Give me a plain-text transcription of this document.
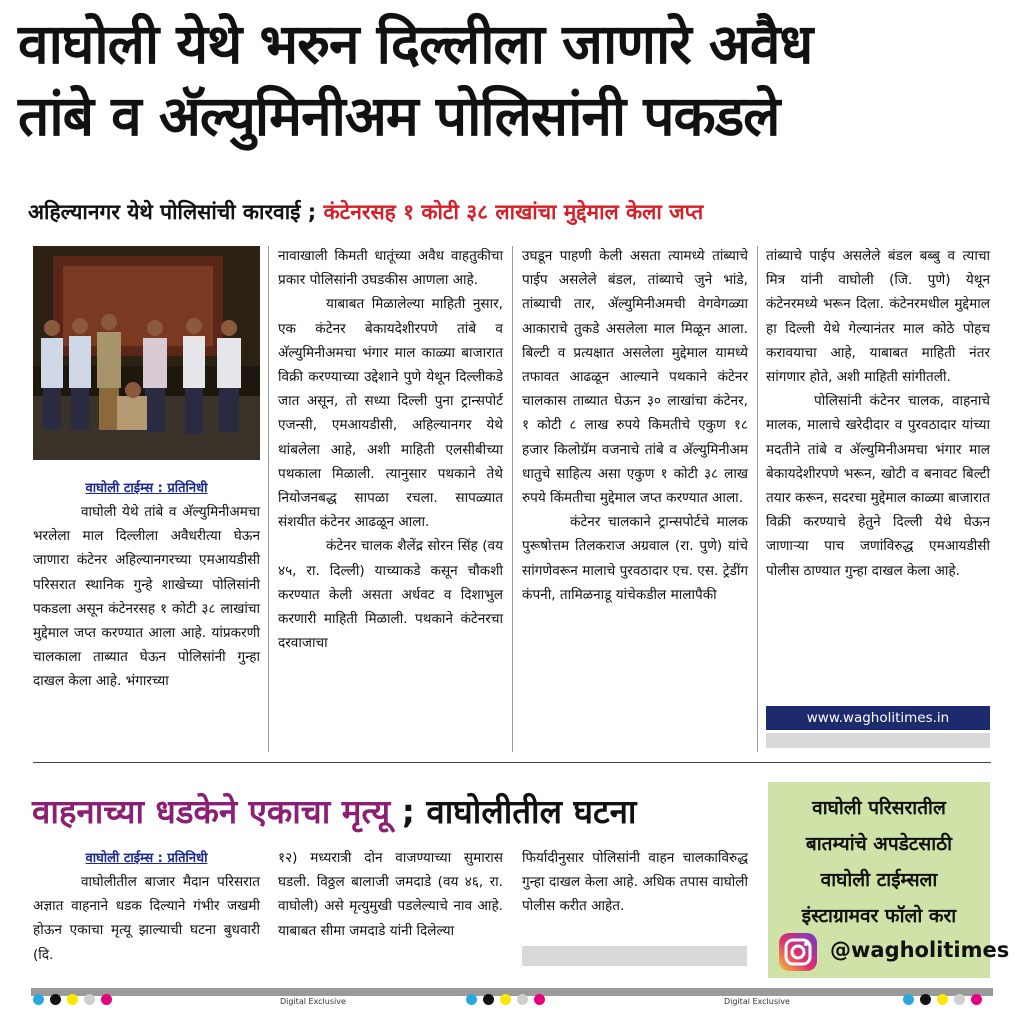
वाघोली येथे भरुन दिल्लीला जाणारे अवैध
तांबे व अ‍ॅल्युमिनीअम पोलिसांनी पकडले
अहिल्यानगर येथे पोलिसांची कारवाई ; कंटेनरसह १ कोटी ३८ लाखांचा मुद्देमाल केला जप्त
वाघोली टाईम्स : प्रतिनिधी

वाघोली येथे तांबे व अ‍ॅल्युमिनीअमचा भरलेला माल दिल्लीला अवैधरीत्या घेऊन जाणारा कंटेनर अहिल्यानगरच्या एमआयडीसी परिसरात स्थानिक गुन्हे शाखेच्या पोलिसांनी पकडला असून कंटेनरसह १ कोटी ३८ लाखांचा मुद्देमाल जप्त करण्यात आला आहे. यांप्रकरणी चालकाला ताब्यात घेऊन पोलिसांनी गुन्हा दाखल केला आहे. भंगारच्या

नावाखाली किमती धातूंच्या अवैध वाहतुकीचा प्रकार पोलिसांनी उघडकीस आणला आहे.

याबाबत मिळालेल्या माहिती नुसार, एक कंटेनर बेकायदेशीरपणे तांबे व अ‍ॅल्युमिनीअमचा भंगार माल काळ्या बाजारात विक्री करण्याच्या उद्देशाने पुणे येथून दिल्लीकडे जात असून, तो सध्या दिल्ली पुना ट्रान्सपोर्ट एजन्सी, एमआयडीसी, अहिल्यानगर येथे थांबलेला आहे, अशी माहिती एलसीबीच्या पथकाला मिळाली. त्यानुसार पथकाने तेथे नियोजनबद्ध सापळा रचला. सापळ्यात संशयीत कंटेनर आढळून आला.

कंटेनर चालक शैलेंद्र सोरन सिंह (वय ४५, रा. दिल्ली) याच्याकडे कसून चौकशी करण्यात केली असता अर्धवट व दिशाभुल करणारी माहिती मिळाली. पथकाने कंटेनरचा दरवाजाचा

उघडून पाहणी केली असता त्यामध्ये तांब्याचे पाईप असलेले बंडल, तांब्याचे जुने भांडे, तांब्याची तार, अ‍ॅल्युमिनीअमची वेगवेगळ्या आकाराचे तुकडे असलेला माल मिळून आला. बिल्टी व प्रत्यक्षात असलेला मुद्देमाल यामध्ये तफावत आढळून आल्याने पथकाने कंटेनर चालकास ताब्यात घेऊन ३० लाखांचा कंटेनर, १ कोटी ८ लाख रुपये किमतीचे एकुण १८ हजार किलोग्रॅम वजनाचे तांबे व अ‍ॅल्युमिनीअम धातुचे साहित्य असा एकुण १ कोटी ३८ लाख रुपये किंमतीचा मुद्देमाल जप्त करण्यात आला.

कंटेनर चालकाने ट्रान्सपोर्टचे मालक पुरूषोत्तम तिलकराज अग्रवाल (रा. पुणे) यांचे सांगणेवरून मालाचे पुरवठादार एच. एस. ट्रेडींग कंपनी, तामिळनाडू यांचेकडील मालापैकी

तांब्याचे पाईप असलेले बंडल बब्बु व त्याचा मित्र यांनी वाघोली (जि. पुणे) येथून कंटेनरमध्ये भरून दिला. कंटेनरमधील मुद्देमाल हा दिल्ली येथे गेल्यानंतर माल कोठे पोहच करावयाचा आहे, याबाबत माहिती नंतर सांगणार होते, अशी माहिती सांगीतली.

पोलिसांनी कंटेनर चालक, वाहनाचे मालक, मालाचे खरेदीदार व पुरवठादार यांच्या मदतीने तांबे व अ‍ॅल्युमिनीअमचा भंगार माल बेकायदेशीरपणे भरून, खोटी व बनावट बिल्टी तयार करून, सदरचा मुद्देमाल काळ्या बाजारात विक्री करण्याचे हेतुने दिल्ली येथे घेऊन जाणाऱ्या पाच जणांविरुद्ध एमआयडीसी पोलीस ठाण्यात गुन्हा दाखल केला आहे.

www.wagholitimes.in
वाहनाच्या धडकेने एकाचा मृत्यू ; वाघोलीतील घटना
वाघोली टाईम्स : प्रतिनिधी

वाघोलीतील बाजार मैदान परिसरात अज्ञात वाहनाने धडक दिल्याने गंभीर जखमी होऊन एकाचा मृत्यू झाल्याची घटना बुधवारी (दि.

१२) मध्यरात्री दोन वाजण्याच्या सुमारास घडली. विठ्ठल बालाजी जमदाडे (वय ४६, रा. वाघोली) असे मृत्युमुखी पडलेल्याचे नाव आहे. याबाबत सीमा जमदाडे यांनी दिलेल्या

फिर्यादीनुसार पोलिसांनी वाहन चालकाविरुद्ध गुन्हा दाखल केला आहे. अधिक तपास वाघोली पोलीस करीत आहेत.

वाघोली परिसरातील
बातम्यांचे अपडेटसाठी
वाघोली टाईम्सला
इंस्टाग्रामवर फॉलो करा
@wagholitimes
Digital Exclusive	Digital Exclusive
